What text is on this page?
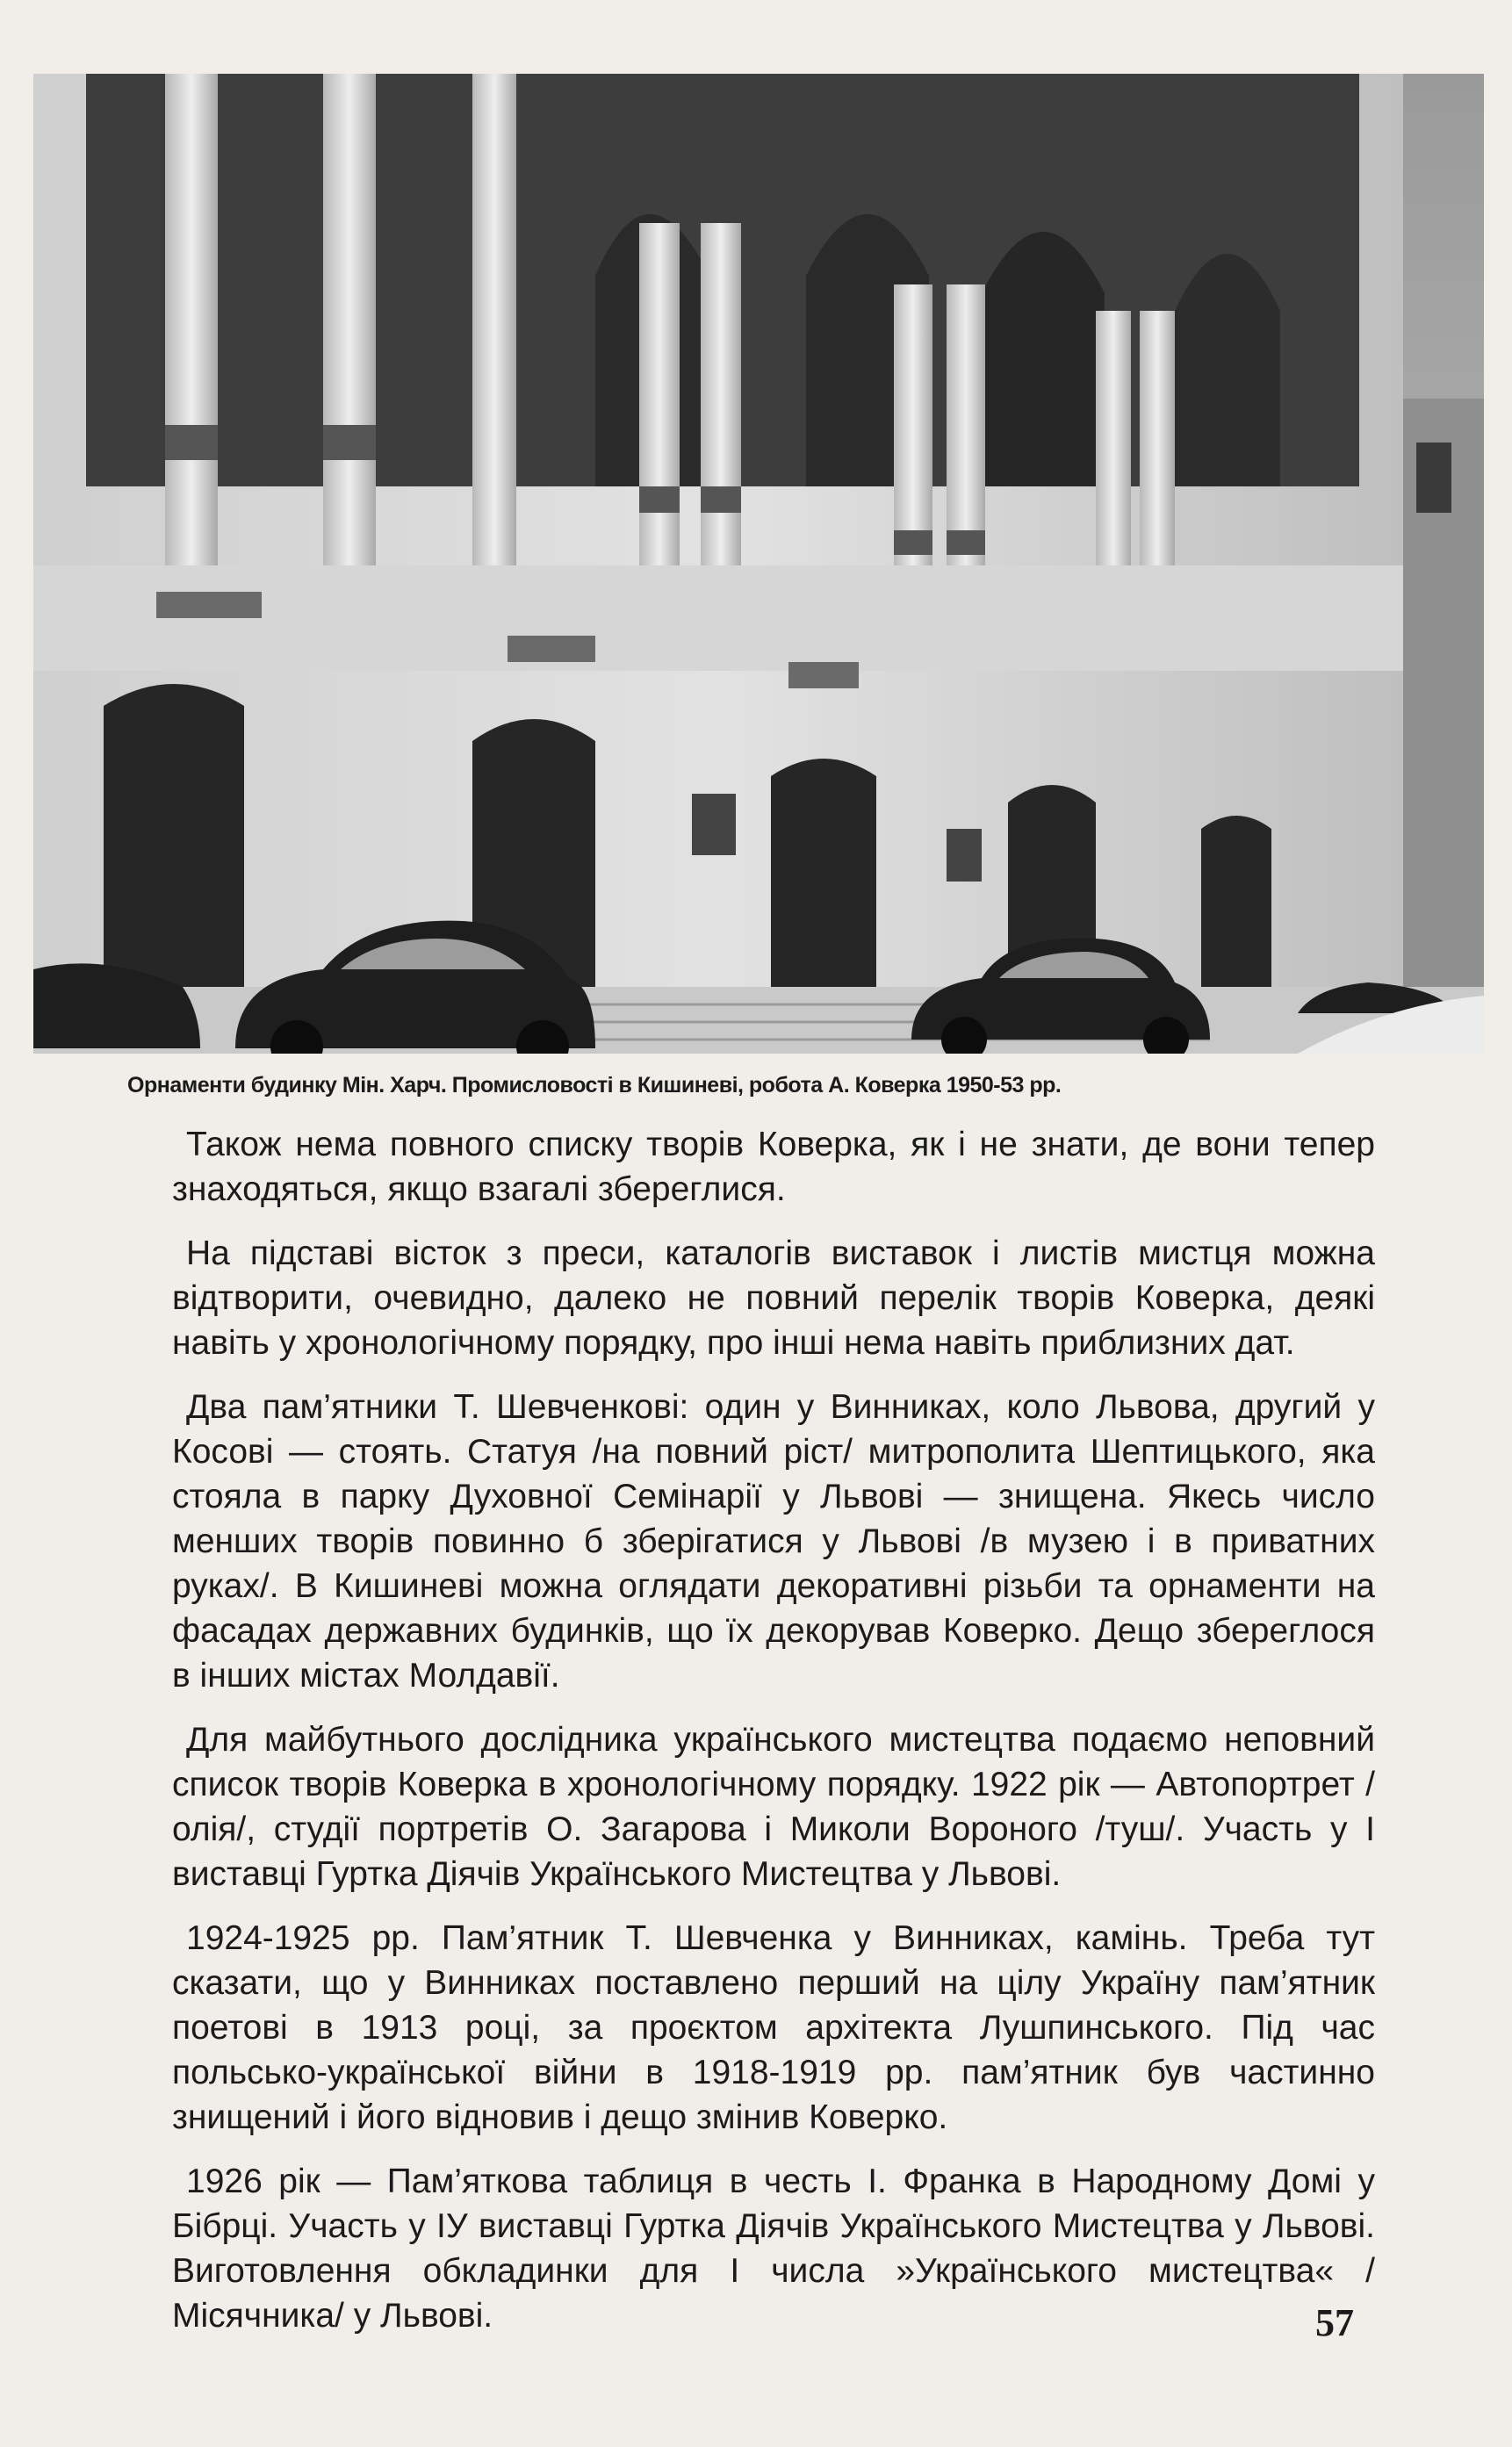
Орнаменти будинку Мін. Харч. Промисловості в Кишиневі, робота А. Коверка 1950-53 рр.

Також нема повного списку творів Коверка, як і не знати, де вони тепер знаходяться, якщо взагалі збереглися.

На підставі вісток з преси, каталогів виставок і листів мистця можна відтворити, очевидно, далеко не повний перелік творів Коверка, деякі навіть у хронологічному порядку, про інші нема навіть приблизних дат.

Два пам’ятники Т. Шевченкові: один у Винниках, коло Львова, другий у Косові — стоять. Статуя /на повний ріст/ митрополита Шептицького, яка стояла в парку Духовної Семінарії у Львові — знищена. Якесь число менших творів повинно б зберігатися у Львові /в музею і в приватних руках/. В Кишиневі можна оглядати декоративні різьби та орнаменти на фасадах державних будинків, що їх декорував Коверко. Дещо збереглося в інших містах Молдавії.

Для майбутнього дослідника українського мистецтва подаємо неповний список творів Коверка в хронологічному порядку. 1922 рік — Автопортрет /олія/, студії портретів О. Загарова і Миколи Вороного /туш/. Участь у І виставці Гуртка Діячів Українського Мистецтва у Львові.

1924-1925 рр. Пам’ятник Т. Шевченка у Винниках, камінь. Треба тут сказати, що у Винниках поставлено перший на цілу Україну пам’ятник поетові в 1913 році, за проєктом архітекта Лушпинського. Під час польсько-української війни в 1918-1919 рр. пам’ятник був частинно знищений і його відновив і дещо змінив Коверко.

1926 рік — Пам’яткова таблиця в честь І. Франка в Народному Домі у Бібрці. Участь у ІУ виставці Гуртка Діячів Українського Мистецтва у Львові. Виготовлення обкладинки для І числа »Українського мистецтва« /Місячника/ у Львові.	57
